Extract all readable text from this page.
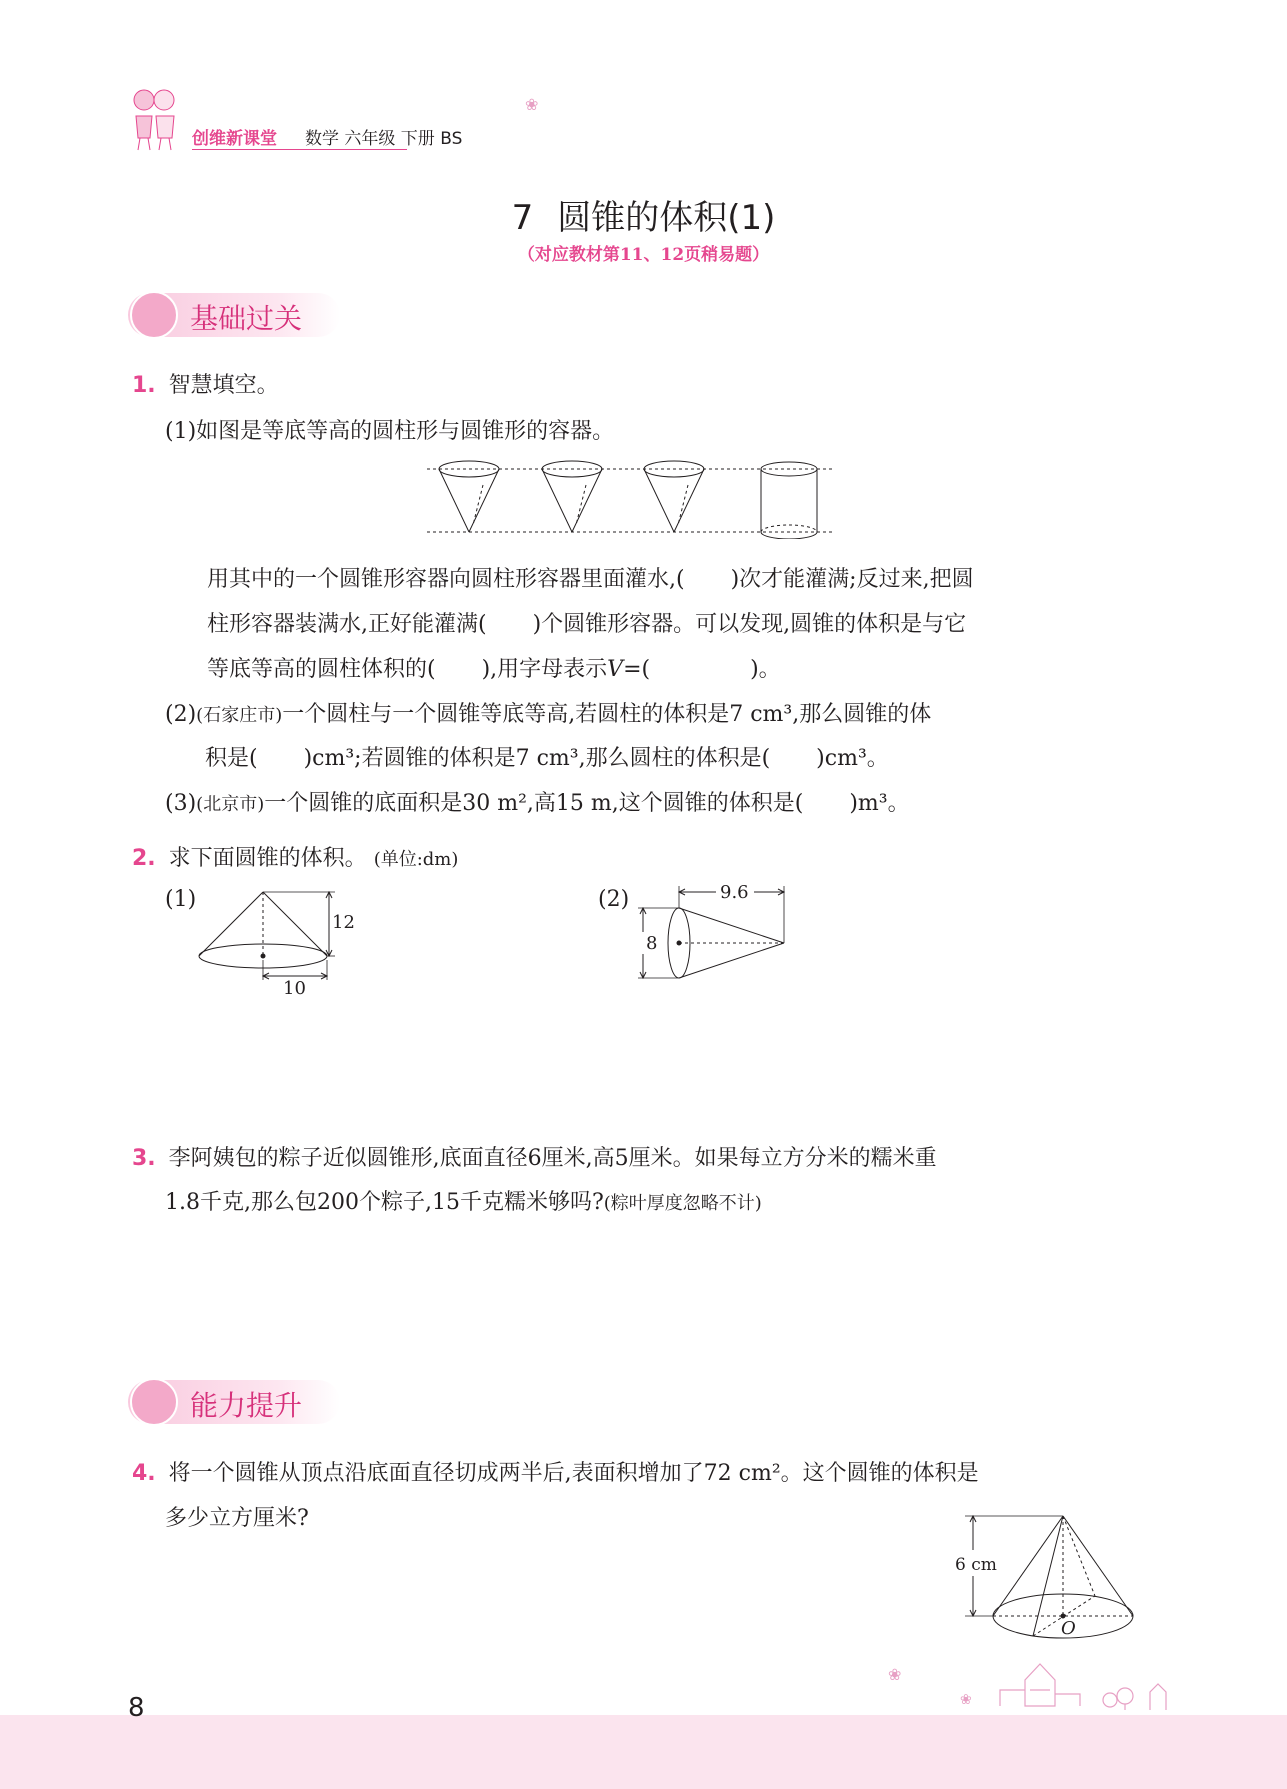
创维新课堂 数学 六年级 下册 BS
❀
7 圆锥的体积(1)
（对应教材第11、12页稍易题）
基础过关
1. 智慧填空。
(1)如图是等底等高的圆柱形与圆锥形的容器。
用其中的一个圆锥形容器向圆柱形容器里面灌水,( )次才能灌满;反过来,把圆
柱形容器装满水,正好能灌满( )个圆锥形容器。可以发现,圆锥的体积是与它
等底等高的圆柱体积的( ),用字母表示V=(	)。
(2)(石家庄市)一个圆柱与一个圆锥等底等高,若圆柱的体积是7 cm³,那么圆锥的体
积是( )cm³;若圆锥的体积是7 cm³,那么圆柱的体积是( )cm³。
(3)(北京市)一个圆锥的底面积是30 m²,高15 m,这个圆锥的体积是( )m³。
2. 求下面圆锥的体积。 (单位:dm)
(1)
12
10
(2)	9.6
8
3. 李阿姨包的粽子近似圆锥形,底面直径6厘米,高5厘米。如果每立方分米的糯米重
1.8千克,那么包200个粽子,15千克糯米够吗?(粽叶厚度忽略不计)
能力提升
4. 将一个圆锥从顶点沿底面直径切成两半后,表面积增加了72 cm²。这个圆锥的体积是
多少立方厘米?
O
6 cm
❀
❀
8
